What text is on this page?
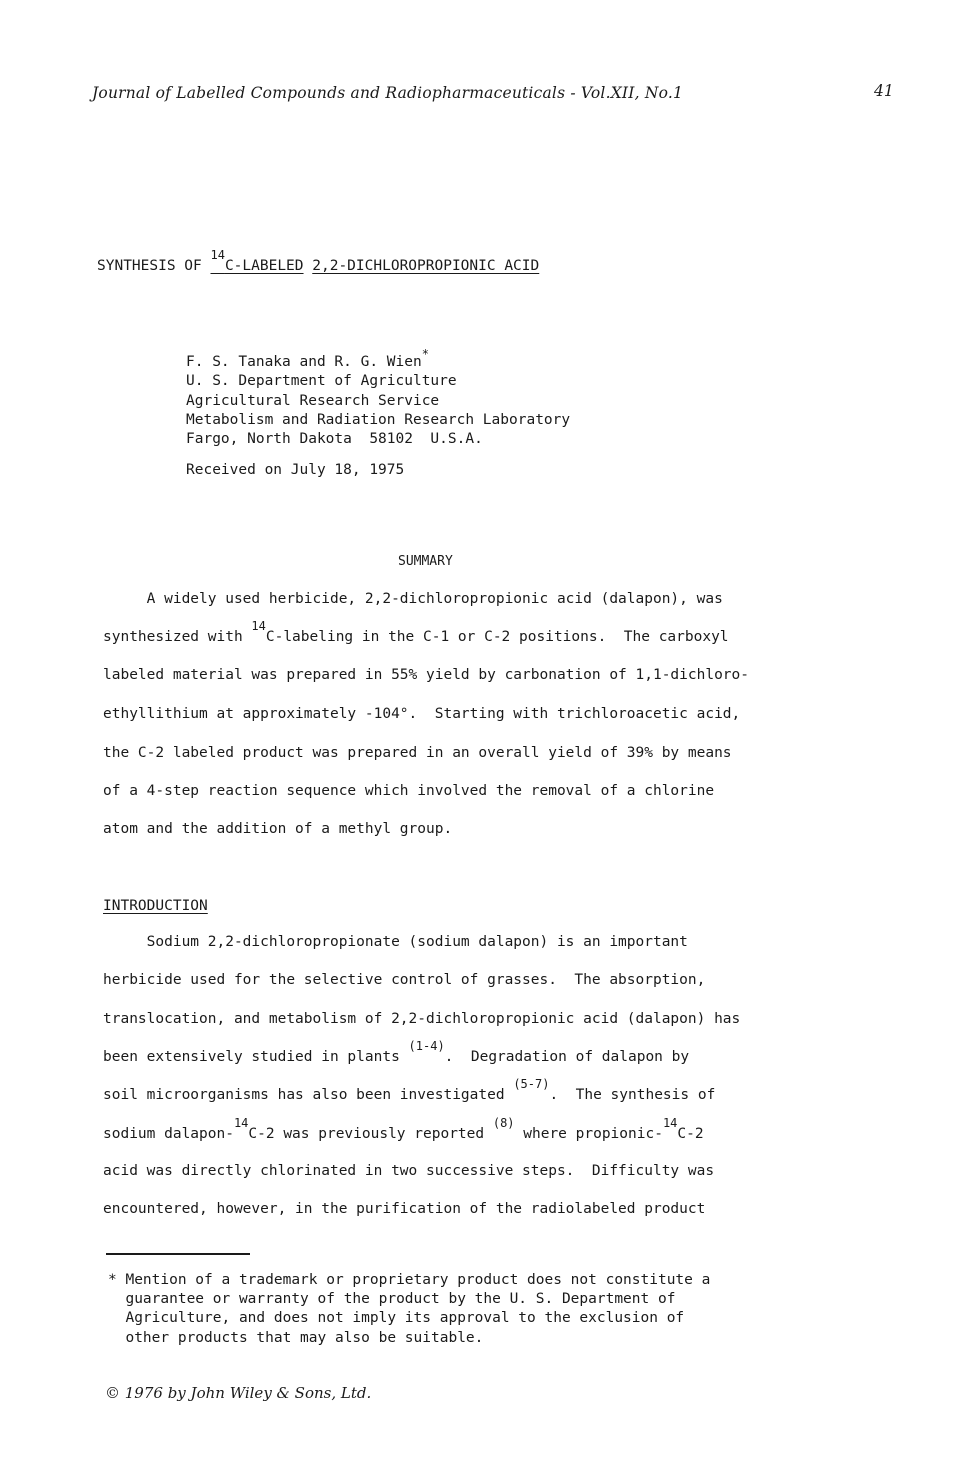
Journal of Labelled Compounds and Radiopharmaceuticals - Vol.XII, No.1	41
SYNTHESIS OF $^{14}$C-LABELED 2,2-DICHLOROPROPIONIC ACID
F. S. Tanaka and R. G. Wien*
U. S. Department of Agriculture
Agricultural Research Service
Metabolism and Radiation Research Laboratory
Fargo, North Dakota  58102  U.S.A.
Received on July 18, 1975
SUMMARY
A widely used herbicide, 2,2-dichloropropionic acid (dalapon), was
synthesized with $^{14}$C-labeling in the C-1 or C-2 positions.  The carboxyl
labeled material was prepared in 55% yield by carbonation of 1,1-dichloro-
ethyllithium at approximately -104°.  Starting with trichloroacetic acid,
the C-2 labeled product was prepared in an overall yield of 39% by means
of a 4-step reaction sequence which involved the removal of a chlorine
atom and the addition of a methyl group.
INTRODUCTION
Sodium 2,2-dichloropropionate (sodium dalapon) is an important
herbicide used for the selective control of grasses.  The absorption,
translocation, and metabolism of 2,2-dichloropropionic acid (dalapon) has
been extensively studied in plants $^{(1-4)}$.  Degradation of dalapon by
soil microorganisms has also been investigated $^{(5-7)}$.  The synthesis of
sodium dalapon-$^{14}$C-2 was previously reported $^{(8)}$ where propionic-$^{14}$C-2
acid was directly chlorinated in two successive steps.  Difficulty was
encountered, however, in the purification of the radiolabeled product
* Mention of a trademark or proprietary product does not constitute a
guarantee or warranty of the product by the U. S. Department of
Agriculture, and does not imply its approval to the exclusion of
other products that may also be suitable.
© 1976 by John Wiley & Sons, Ltd.
